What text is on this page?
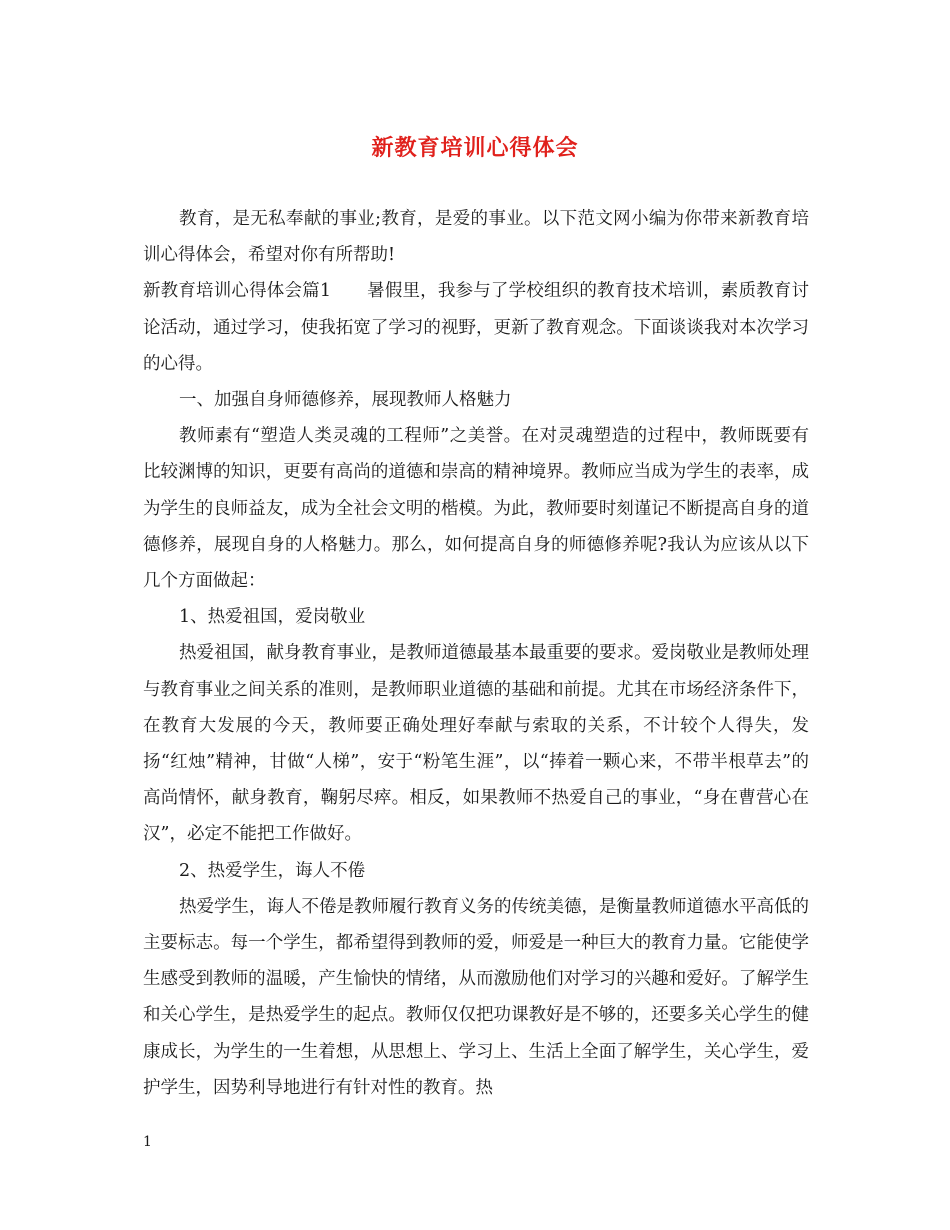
新教育培训心得体会

教育，是无私奉献的事业;教育，是爱的事业。以下范文网小编为你带来新教育培训心得体会，希望对你有所帮助!

新教育培训心得体会篇1 暑假里，我参与了学校组织的教育技术培训，素质教育讨论活动，通过学习，使我拓宽了学习的视野，更新了教育观念。下面谈谈我对本次学习的心得。

一、加强自身师德修养，展现教师人格魅力

教师素有“塑造人类灵魂的工程师”之美誉。在对灵魂塑造的过程中，教师既要有比较渊博的知识，更要有高尚的道德和崇高的精神境界。教师应当成为学生的表率，成为学生的良师益友，成为全社会文明的楷模。为此，教师要时刻谨记不断提高自身的道德修养，展现自身的人格魅力。那么，如何提高自身的师德修养呢?我认为应该从以下几个方面做起：

1、热爱祖国，爱岗敬业

热爱祖国，献身教育事业，是教师道德最基本最重要的要求。爱岗敬业是教师处理与教育事业之间关系的准则，是教师职业道德的基础和前提。尤其在市场经济条件下，在教育大发展的今天，教师要正确处理好奉献与索取的关系，不计较个人得失，发扬“红烛”精神，甘做“人梯”，安于“粉笔生涯”，以“捧着一颗心来，不带半根草去”的高尚情怀，献身教育，鞠躬尽瘁。相反，如果教师不热爱自己的事业，“身在曹营心在汉”，必定不能把工作做好。

2、热爱学生，诲人不倦

热爱学生，诲人不倦是教师履行教育义务的传统美德，是衡量教师道德水平高低的主要标志。每一个学生，都希望得到教师的爱，师爱是一种巨大的教育力量。它能使学生感受到教师的温暖，产生愉快的情绪，从而激励他们对学习的兴趣和爱好。了解学生和关心学生，是热爱学生的起点。教师仅仅把功课教好是不够的，还要多关心学生的健康成长，为学生的一生着想，从思想上、学习上、生活上全面了解学生，关心学生，爱护学生，因势利导地进行有针对性的教育。热

1
